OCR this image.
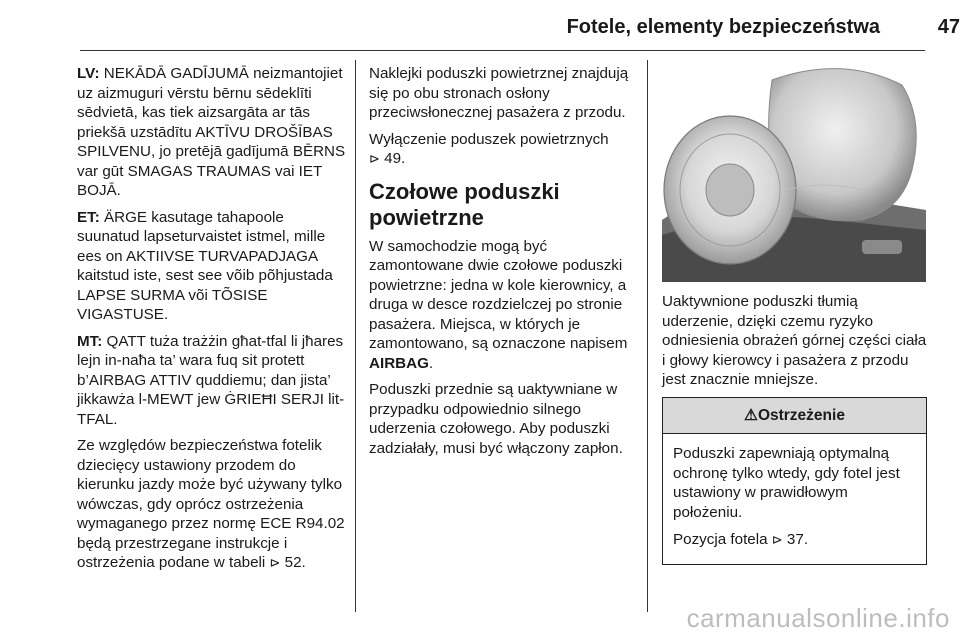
Fotele, elementy bezpieczeństwa	47

LV: NEKĀDĀ GADĪJUMĀ neizmantojiet uz aizmuguri vērstu bērnu sēdeklīti sēdvietā, kas tiek aizsargāta ar tās priekšā uzstādītu AKTĪVU DROŠĪBAS SPILVENU, jo pretējā gadījumā BĒRNS var gūt SMAGAS TRAUMAS vai IET BOJĀ.

ET: ÄRGE kasutage tahapoole suunatud lapseturvaistet istmel, mille ees on AKTIIVSE TURVAPADJAGA kaitstud iste, sest see võib põhjustada LAPSE SURMA või TÕSISE VIGASTUSE.

MT: QATT tuża trażżin għat-tfal li jħares lejn in-naħa ta’ wara fuq sit protett b’AIRBAG ATTIV quddiemu; dan jista’ jikkawża l-MEWT jew ĠRIEĦI SERJI lit-TFAL.

Ze względów bezpieczeństwa fotelik dziecięcy ustawiony przodem do kierunku jazdy może być używany tylko wówczas, gdy oprócz ostrzeżenia wymaganego przez normę ECE R94.02 będą przestrzegane instrukcje i ostrzeżenia podane w tabeli ⊳ 52.

Naklejki poduszki powietrznej znajdują się po obu stronach osłony przeciwsłonecznej pasażera z przodu.

Wyłączenie poduszek powietrznych
⊳ 49.

Czołowe poduszki powietrzne

W samochodzie mogą być zamontowane dwie czołowe poduszki powietrzne: jedna w kole kierownicy, a druga w desce rozdzielczej po stronie pasażera. Miejsca, w których je zamontowano, są oznaczone napisem AIRBAG.

Poduszki przednie są uaktywniane w przypadku odpowiednio silnego uderzenia czołowego. Aby poduszki zadziałały, musi być włączony zapłon.

Uaktywnione poduszki tłumią uderzenie, dzięki czemu ryzyko odniesienia obrażeń górnej części ciała i głowy kierowcy i pasażera z przodu jest znacznie mniejsze.

⚠Ostrzeżenie

Poduszki zapewniają optymalną ochronę tylko wtedy, gdy fotel jest ustawiony w prawidłowym położeniu.

Pozycja fotela ⊳ 37.

carmanualsonline.info
